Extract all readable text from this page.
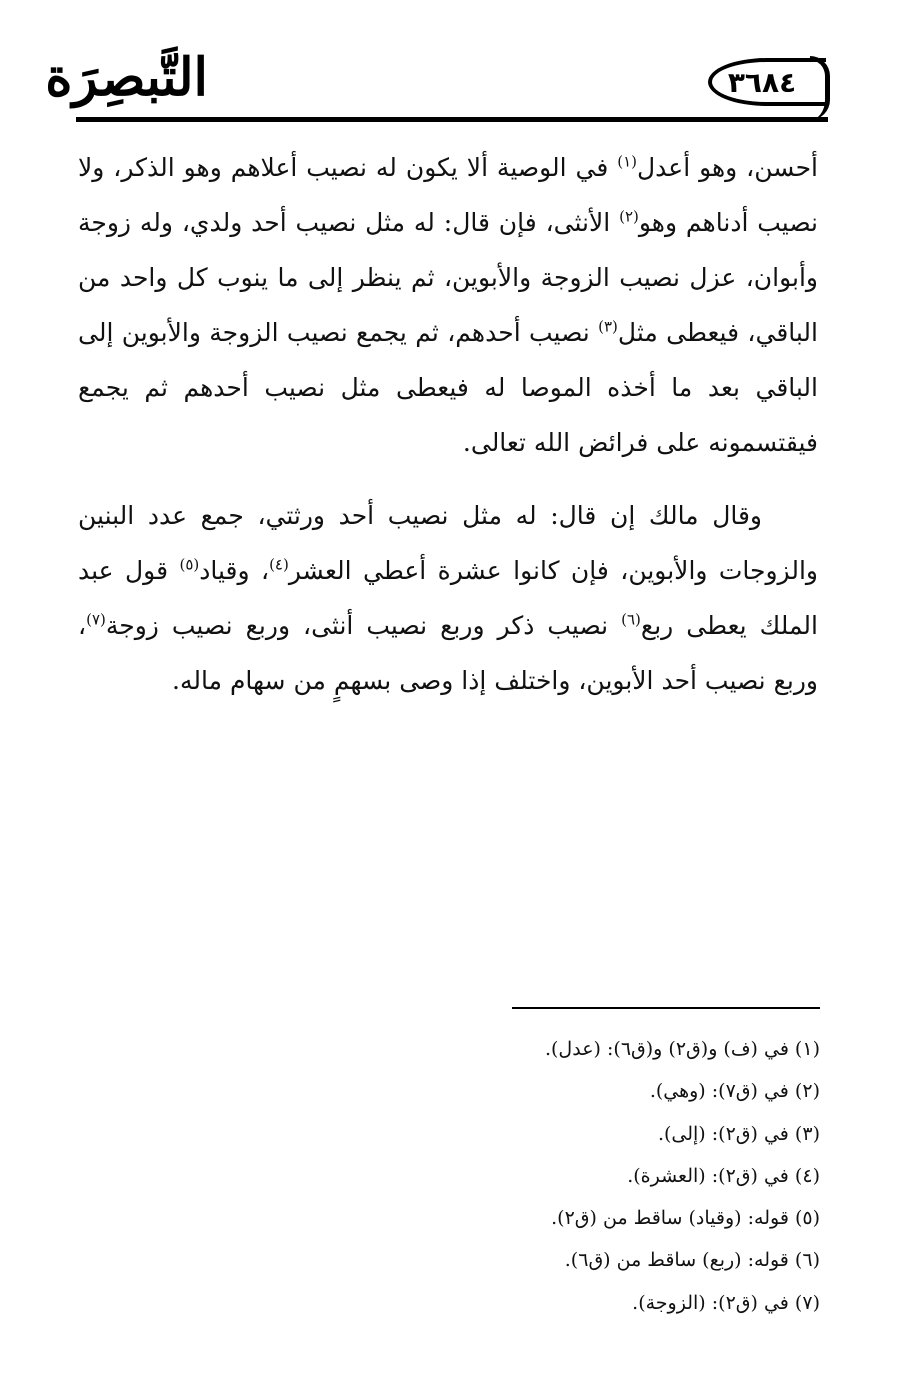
التَّبصِرَة	٣٦٨٤

أحسن، وهو أعدل$^{(١)}$ في الوصية ألا يكون له نصيب أعلاهم وهو الذكر، ولا نصيب أدناهم وهو$^{(٢)}$ الأنثى، فإن قال: له مثل نصيب أحد ولدي، وله زوجة وأبوان، عزل نصيب الزوجة والأبوين، ثم ينظر إلى ما ينوب كل واحد من الباقي، فيعطى مثل$^{(٣)}$ نصيب أحدهم، ثم يجمع نصيب الزوجة والأبوين إلى الباقي بعد ما أخذه الموصا له فيعطى مثل نصيب أحدهم ثم يجمع فيقتسمونه على فرائض الله تعالى.

وقال مالك إن قال: له مثل نصيب أحد ورثتي، جمع عدد البنين والزوجات والأبوين، فإن كانوا عشرة أعطي العشر$^{(٤)}$، وقياد$^{(٥)}$ قول عبد الملك يعطى ربع$^{(٦)}$ نصيب ذكر وربع نصيب أنثى، وربع نصيب زوجة$^{(٧)}$، وربع نصيب أحد الأبوين، واختلف إذا وصى بسهمٍ من سهام ماله.

(١) في (ف) و(ق٢) و(ق٦): (عدل).
(٢) في (ق٧): (وهي).
(٣) في (ق٢): (إلى).
(٤) في (ق٢): (العشرة).
(٥) قوله: (وقياد) ساقط من (ق٢).
(٦) قوله: (ربع) ساقط من (ق٦).
(٧) في (ق٢): (الزوجة).
